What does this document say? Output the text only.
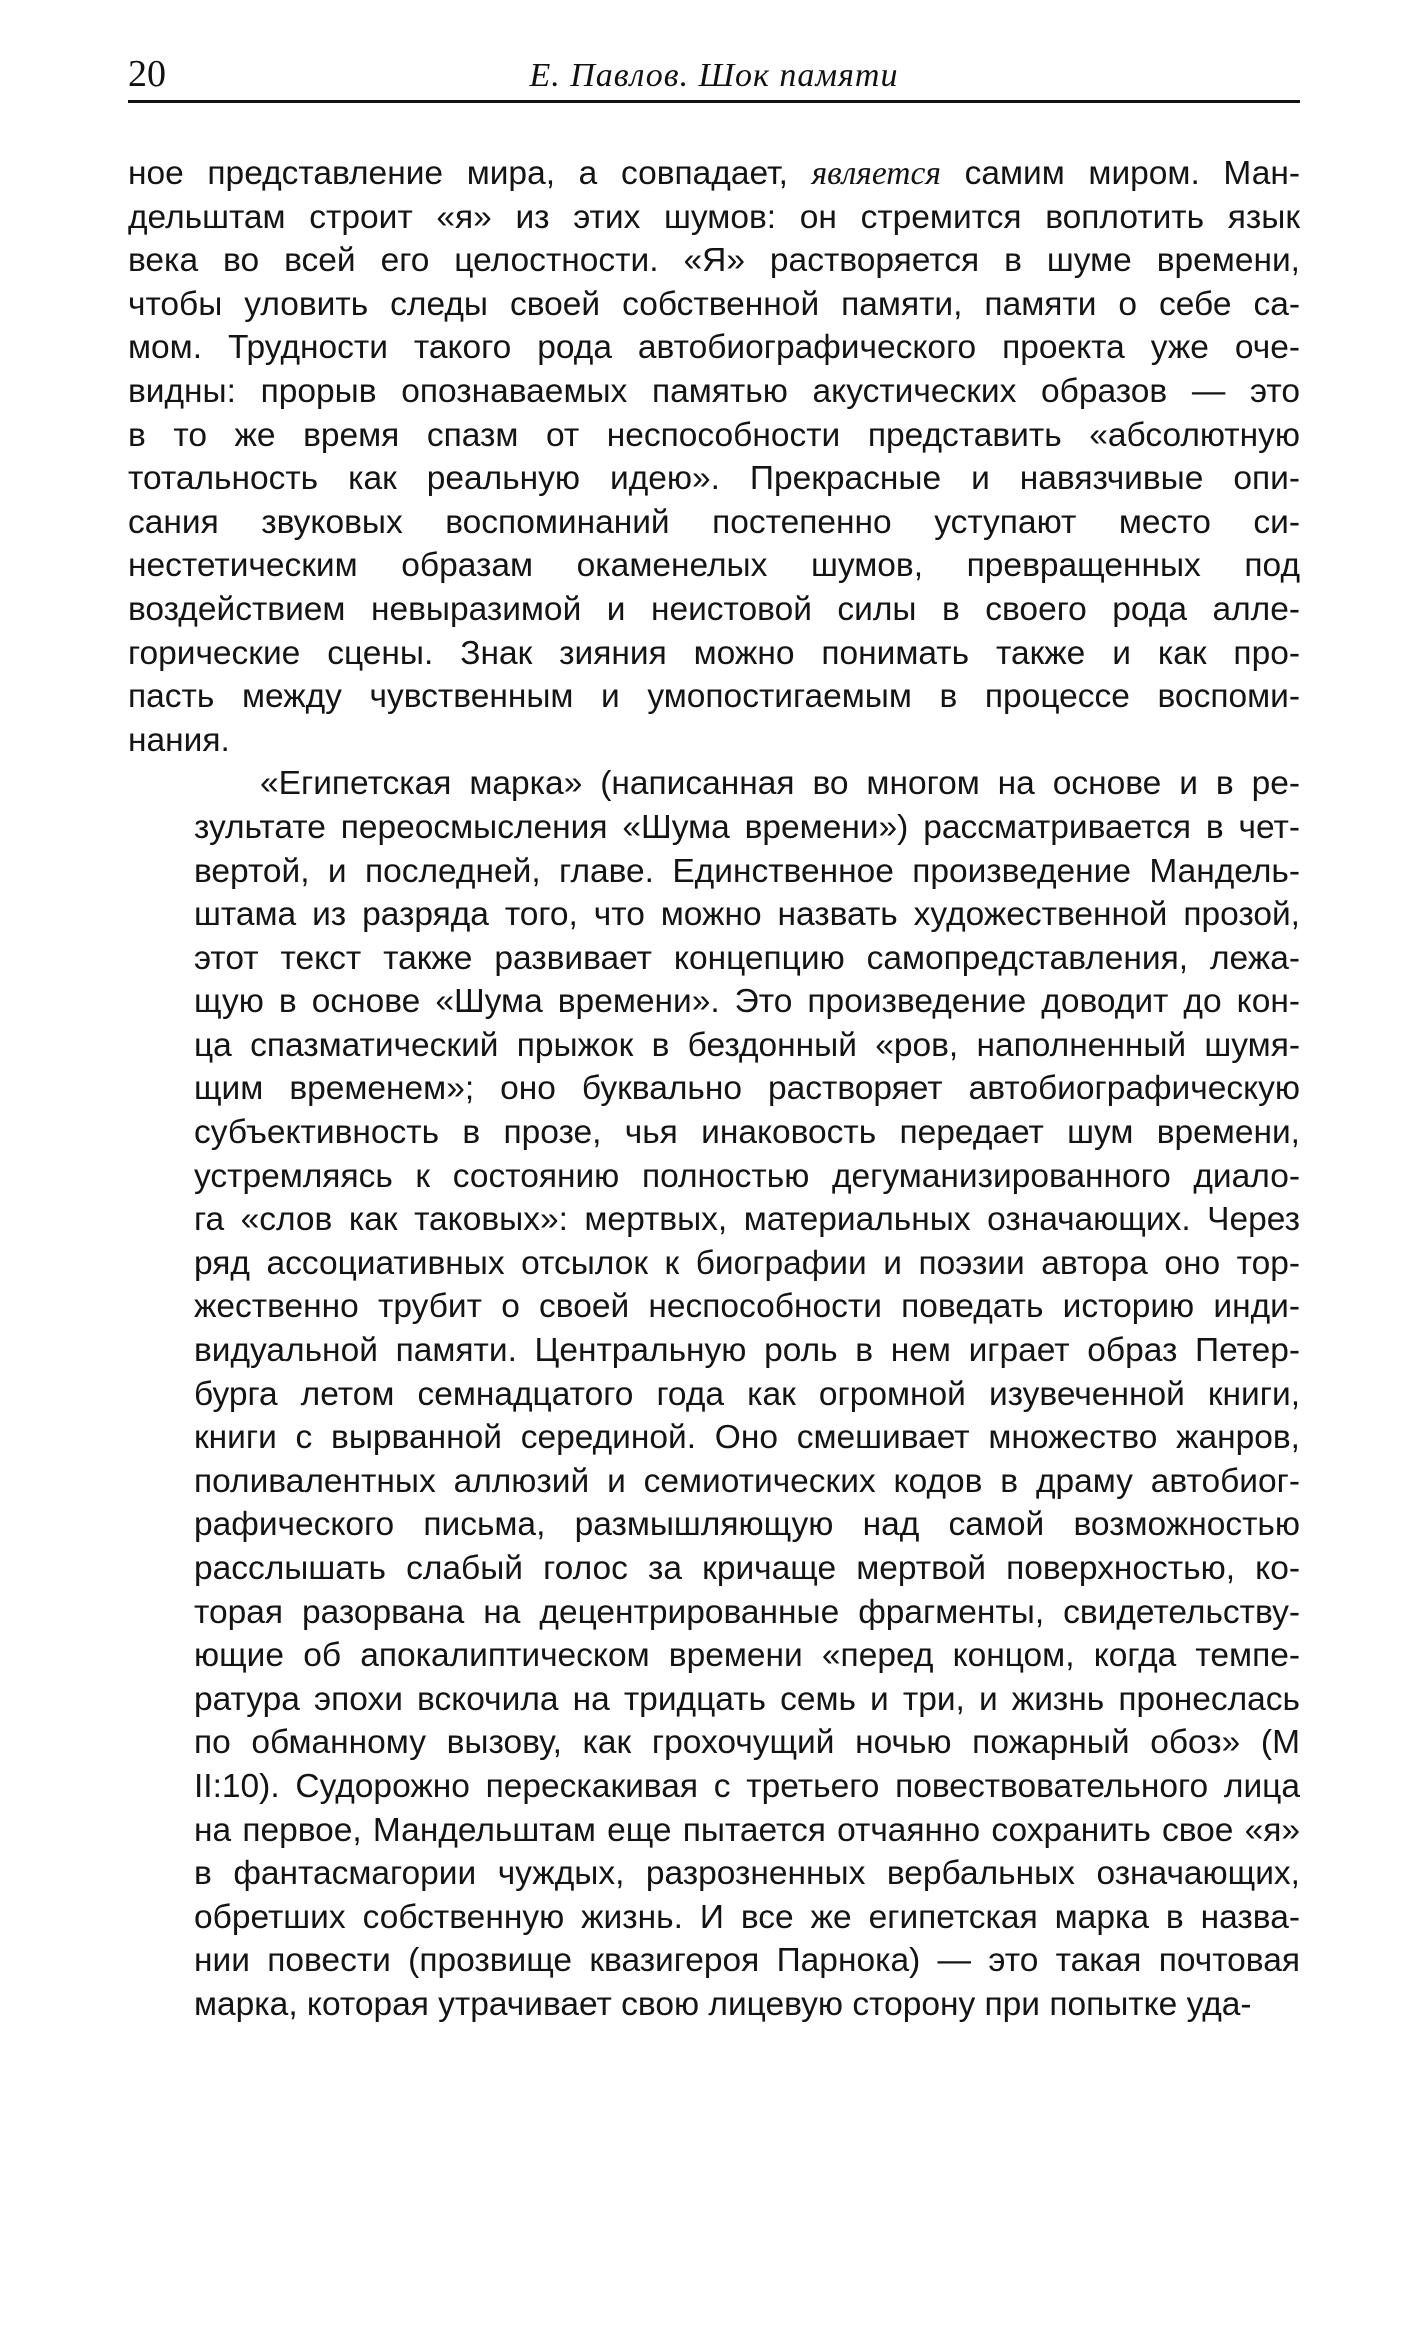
20	Е. Павлов. Шок памяти
ное представление мира, а совпадает, является самим миром. Ман-
дельштам строит «я» из этих шумов: он стремится воплотить язык
века во всей его целостности. «Я» растворяется в шуме времени,
чтобы уловить следы своей собственной памяти, памяти о себе са-
мом. Трудности такого рода автобиографического проекта уже оче-
видны: прорыв опознаваемых памятью акустических образов — это
в то же время спазм от неспособности представить «абсолютную
тотальность как реальную идею». Прекрасные и навязчивые опи-
сания звуковых воспоминаний постепенно уступают место си-
нестетическим образам окаменелых шумов, превращенных под
воздействием невыразимой и неистовой силы в своего рода алле-
горические сцены. Знак зияния можно понимать также и как про-
пасть между чувственным и умопостигаемым в процессе воспоми-
нания.
«Египетская марка» (написанная во многом на основе и в ре-
зультате переосмысления «Шума времени») рассматривается в чет-
вертой, и последней, главе. Единственное произведение Мандель-
штама из разряда того, что можно назвать художественной прозой,
этот текст также развивает концепцию самопредставления, лежа-
щую в основе «Шума времени». Это произведение доводит до кон-
ца спазматический прыжок в бездонный «ров, наполненный шумя-
щим временем»; оно буквально растворяет автобиографическую
субъективность в прозе, чья инаковость передает шум времени,
устремляясь к состоянию полностью дегуманизированного диало-
га «слов как таковых»: мертвых, материальных означающих. Через
ряд ассоциативных отсылок к биографии и поэзии автора оно тор-
жественно трубит о своей неспособности поведать историю инди-
видуальной памяти. Центральную роль в нем играет образ Петер-
бурга летом семнадцатого года как огромной изувеченной книги,
книги с вырванной серединой. Оно смешивает множество жанров,
поливалентных аллюзий и семиотических кодов в драму автобиог-
рафического письма, размышляющую над самой возможностью
расслышать слабый голос за кричаще мертвой поверхностью, ко-
торая разорвана на децентрированные фрагменты, свидетельству-
ющие об апокалиптическом времени «перед концом, когда темпе-
ратура эпохи вскочила на тридцать семь и три, и жизнь пронеслась
по обманному вызову, как грохочущий ночью пожарный обоз» (М
II:10). Судорожно перескакивая с третьего повествовательного лица
на первое, Мандельштам еще пытается отчаянно сохранить свое «я»
в фантасмагории чуждых, разрозненных вербальных означающих,
обретших собственную жизнь. И все же египетская марка в назва-
нии повести (прозвище квазигероя Парнока) — это такая почтовая
марка, которая утрачивает свою лицевую сторону при попытке уда-
